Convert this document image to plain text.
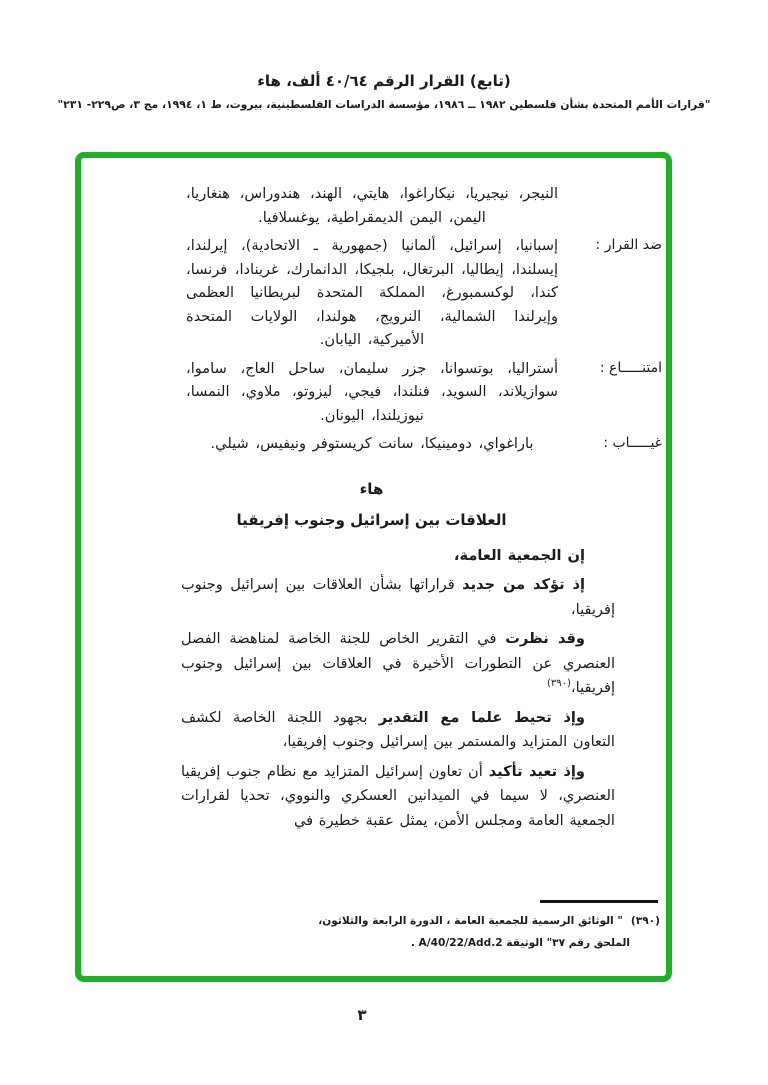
(تابع) القرار الرقم ٤٠/٦٤ ألف، هاء
"قرارات الأمم المتحدة بشأن فلسطين ١٩٨٢ ــ ١٩٨٦، مؤسسة الدراسات الفلسطينية، بيروت، ط ١، ١٩٩٤، مج ٣، ص٢٢٩- ٢٣١"
النيجر، نيجيريا، نيكاراغوا، هايتي، الهند، هندوراس، هنغاريا، اليمن، اليمن الديمقراطية، يوغسلافيا.
ضد القرار :
إسبانيا، إسرائيل، ألمانيا (جمهورية ـ الاتحادية)، إيرلندا، إيسلندا، إيطاليا، البرتغال، بلجيكا، الدانمارك، غرينادا، فرنسا، كندا، لوكسمبورغ، المملكة المتحدة لبريطانيا العظمى وإيرلندا الشمالية، النرويج، هولندا، الولايات المتحدة الأميركية، اليابان.
امتنـــــاع :
أستراليا، بوتسوانا، جزر سليمان، ساحل العاج، ساموا، سوازيلاند، السويد، فنلندا، فيجي، ليزوتو، ملاوي، النمسا، نيوزيلندا، اليونان.
غيـــــاب :
باراغواي، دومينيكا، سانت كريستوفر ونيفيس، شيلي.
هاء
العلاقات بين إسرائيل وجنوب إفريقيا

إن الجمعية العامة،

إذ تؤكد من جديد قراراتها بشأن العلاقات بين إسرائيل وجنوب إفريقيا،

وقد نظرت في التقرير الخاص للجنة الخاصة لمناهضة الفصل العنصري عن التطورات الأخيرة في العلاقات بين إسرائيل وجنوب إفريقيا،$^{(٣٩٠)}$

وإذ تحيط علما مع التقدير بجهود اللجنة الخاصة لكشف التعاون المتزايد والمستمر بين إسرائيل وجنوب إفريقيا،

وإذ تعيد تأكيد أن تعاون إسرائيل المتزايد مع نظام جنوب إفريقيا العنصري، لا سيما في الميدانين العسكري والنووي، تحديا لقرارات الجمعية العامة ومجلس الأمن، يمثل عقبة خطيرة في

(٣٩٠)" الوثائق الرسمية للجمعية العامة ، الدورة الرابعة والثلاثون،
الملحق رقم ٣٧" الوثيقة A/40/22/Add.2 .
٣
